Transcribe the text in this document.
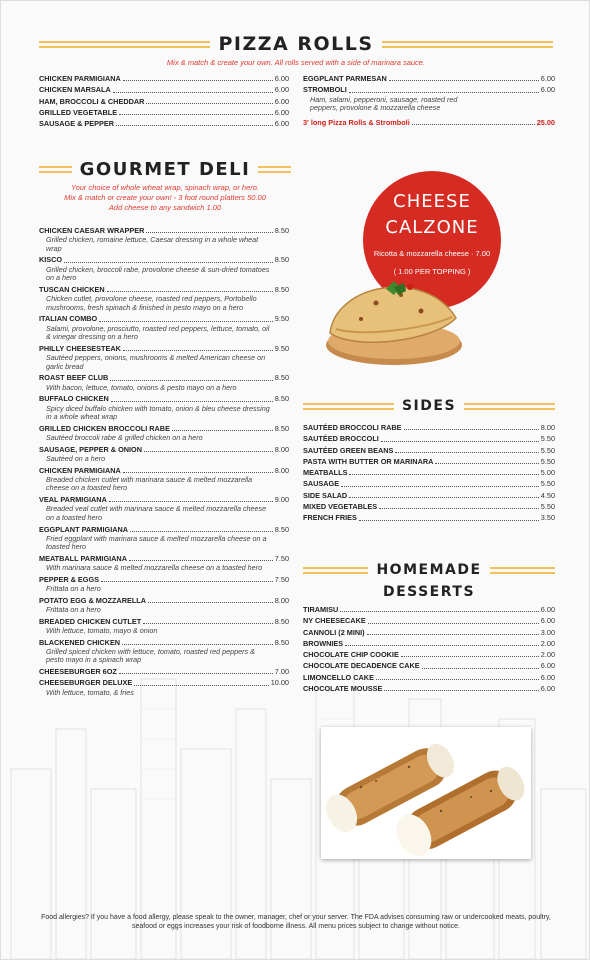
PIZZA ROLLS
Mix & match & create your own. All rolls served with a side of marinara sauce.
CHICKEN PARMIGIANA	6.00
CHICKEN MARSALA	6.00
HAM, BROCCOLI & CHEDDAR	6.00
GRILLED VEGETABLE	6.00
SAUSAGE & PEPPER	6.00
EGGPLANT PARMESAN	6.00
STROMBOLI	6.00
Ham, salami, pepperoni, sausage, roasted red peppers, provolone & mozzarella cheese
3' long Pizza Rolls & Stromboli	25.00
GOURMET DELI
Your choice of whole wheat wrap, spinach wrap, or hero.
Mix & match or create your own! - 3 foot round platters 50.00
Add cheese to any sandwich 1.00
CHICKEN CAESAR WRAPPER	8.50
Grilled chicken, romaine lettuce, Caesar dressing in a whole wheat wrap
KISCO	8.50
Grilled chicken, broccoli rabe, provolone cheese & sun-dried tomatoes on a hero
TUSCAN CHICKEN	8.50
Chicken cutlet, provolone cheese, roasted red peppers, Portobello mushrooms, fresh spinach & finished in pesto mayo on a hero
ITALIAN COMBO	9.50
Salami, provolone, prosciutto, roasted red peppers, lettuce, tomato, oil & vinegar dressing on a hero
PHILLY CHEESESTEAK	9.50
Sautéed peppers, onions, mushrooms & melted American cheese on garlic bread
ROAST BEEF CLUB	8.50
With bacon, lettuce, tomato, onions & pesto mayo on a hero
BUFFALO CHICKEN	8.50
Spicy diced buffalo chicken with tomato, onion & bleu cheese dressing in a whole wheat wrap
GRILLED CHICKEN BROCCOLI RABE	8.50
Sautéed broccoli rabe & grilled chicken on a hero
SAUSAGE, PEPPER & ONION	8.00
Sautéed on a hero
CHICKEN PARMIGIANA	8.00
Breaded chicken cutlet with marinara sauce & melted mozzarella cheese on a toasted hero
VEAL PARMIGIANA	9.00
Breaded veal cutlet with marinara sauce & melted mozzarella cheese on a toasted hero
EGGPLANT PARMIGIANA	8.50
Fried eggplant with marinara sauce & melted mozzarella cheese on a toasted hero
MEATBALL PARMIGIANA	7.50
With marinara sauce & melted mozzarella cheese on a toasted hero
PEPPER & EGGS	7.50
Frittata on a hero
POTATO EGG & MOZZARELLA	8.00
Frittata on a hero
BREADED CHICKEN CUTLET	8.50
With lettuce, tomato, mayo & onion
BLACKENED CHICKEN	8.50
Grilled spiced chicken with lettuce, tomato, roasted red peppers & pesto mayo in a spinach wrap
CHEESEBURGER 6OZ	7.00
CHEESEBURGER DELUXE	10.00
With lettuce, tomato, & fries
CHEESE
CALZONE
Ricotta & mozzarella cheese · 7.00
( 1.00 PER TOPPING )
SIDES
SAUTÉED BROCCOLI RABE	8.00
SAUTÉED BROCCOLI	5.50
SAUTÉED GREEN BEANS	5.50
PASTA WITH BUTTER OR MARINARA	5.50
MEATBALLS	5.00
SAUSAGE	5.50
SIDE SALAD	4.50
MIXED VEGETABLES	5.50
FRENCH FRIES	3.50
HOMEMADE
DESSERTS
TIRAMISU	6.00
NY CHEESECAKE	6.00
CANNOLI (2 MINI)	3.00
BROWNIES	2.00
CHOCOLATE CHIP COOKIE	2.00
CHOCOLATE DECADENCE CAKE	6.00
LIMONCELLO CAKE	6.00
CHOCOLATE MOUSSE	6.00
Food allergies? If you have a food allergy, please speak to the owner, manager, chef or your server. The FDA advises consuming raw or undercooked meats, poultry,
seafood or eggs increases your risk of foodborne illness. All menu prices subject to change without notice.
